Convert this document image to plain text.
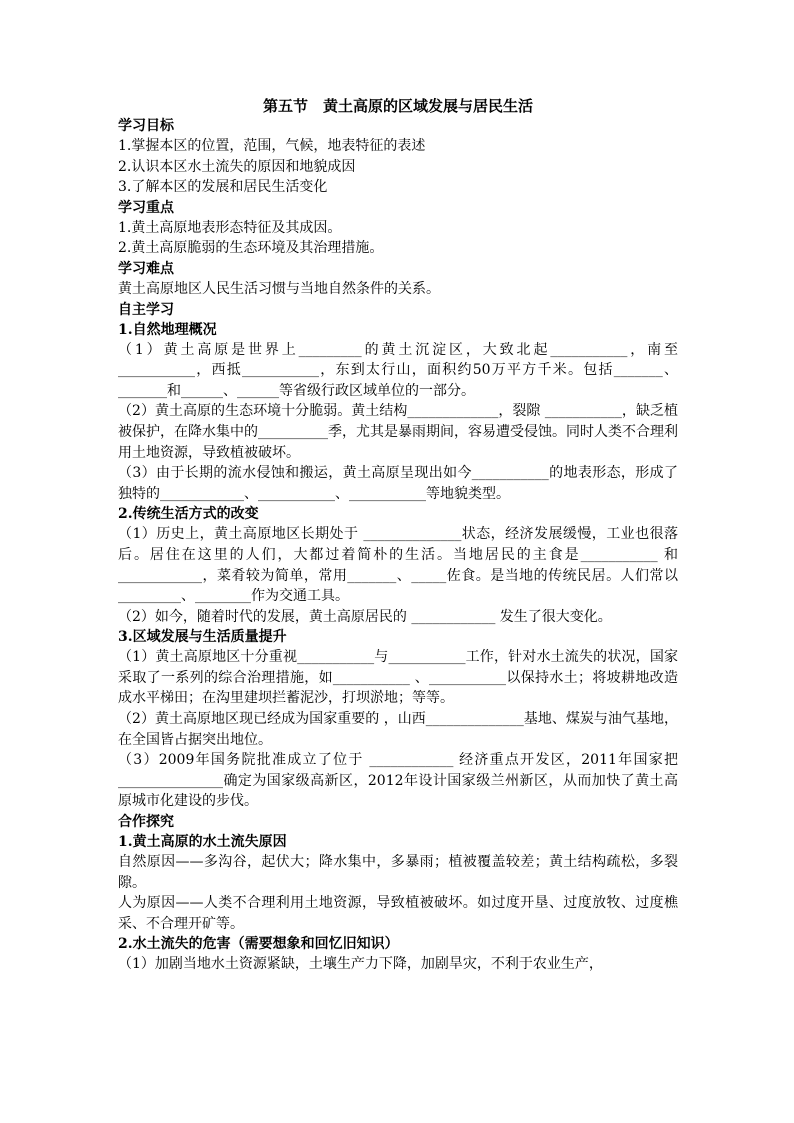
第五节　黄土高原的区域发展与居民生活
学习目标
1.掌握本区的位置，范围，气候，地表特征的表述
2.认识本区水土流失的原因和地貌成因
3.了解本区的发展和居民生活变化
学习重点
1.黄土高原地表形态特征及其成因。
2.黄土高原脆弱的生态环境及其治理措施。
学习难点
黄土高原地区人民生活习惯与当地自然条件的关系。
自主学习
1.自然地理概况
（1）黄土高原是世界上_________的黄土沉淀区，大致北起___________，南至___________，西抵___________，东到太行山，面积约50万平方千米。包括_______、_______和______、______等省级行政区域单位的一部分。
（2）黄土高原的生态环境十分脆弱。黄土结构_____________，裂隙 ___________，缺乏植被保护，在降水集中的__________季，尤其是暴雨期间，容易遭受侵蚀。同时人类不合理利用土地资源，导致植被破坏。
（3）由于长期的流水侵蚀和搬运，黄土高原呈现出如今___________的地表形态，形成了独特的____________、___________、___________等地貌类型。
2.传统生活方式的改变
（1）历史上，黄土高原地区长期处于 ______________状态，经济发展缓慢，工业也很落后。居住在这里的人们，大都过着简朴的生活。当地居民的主食是___________ 和 ____________，菜肴较为简单，常用_______、_____佐食。是当地的传统民居。人们常以_________、________作为交通工具。
（2）如今，随着时代的发展，黄土高原居民的 ____________ 发生了很大变化。
3.区域发展与生活质量提升
（1）黄土高原地区十分重视___________与___________工作，针对水土流失的状况，国家采取了一系列的综合治理措施，如___________ 、___________以保持水土；将坡耕地改造成水平梯田；在沟里建坝拦蓄泥沙，打坝淤地；等等。
（2）黄土高原地区现已经成为国家重要的 ，山西______________基地、煤炭与油气基地，在全国皆占据突出地位。
（3）2009年国务院批准成立了位于 ____________ 经济重点开发区，2011年国家把_______________确定为国家级高新区，2012年设计国家级兰州新区，从而加快了黄土高原城市化建设的步伐。
合作探究
1.黄土高原的水土流失原因
自然原因——多沟谷，起伏大；降水集中，多暴雨；植被覆盖较差；黄土结构疏松，多裂隙。
人为原因——人类不合理利用土地资源，导致植被破坏。如过度开垦、过度放牧、过度樵采、不合理开矿等。
2.水土流失的危害（需要想象和回忆旧知识）
（1）加剧当地水土资源紧缺，土壤生产力下降，加剧旱灾，不利于农业生产，
